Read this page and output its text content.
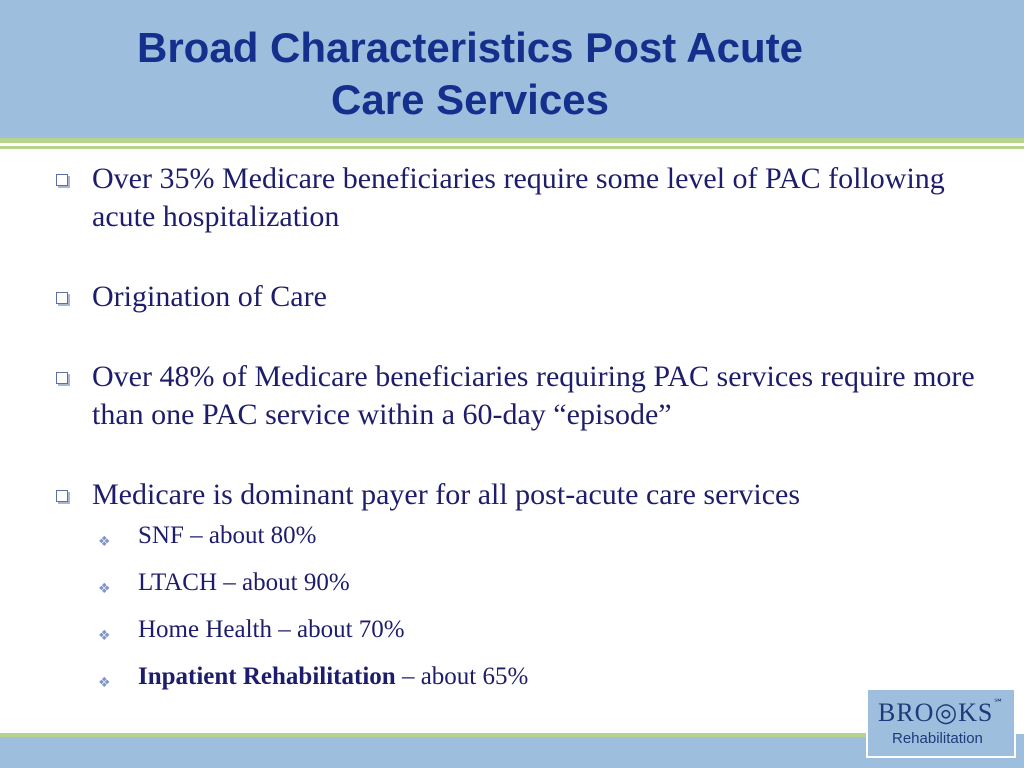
Broad Characteristics Post Acute
Care Services
Over 35% Medicare beneficiaries require some level of PAC following acute hospitalization
Origination of Care
Over 48% of Medicare beneficiaries requiring PAC services require more than one PAC service within a 60-day “episode”
Medicare is dominant payer for all post-acute care services
❖ SNF – about 80%
❖ LTACH – about 90%
❖ Home Health – about 70%
❖ Inpatient Rehabilitation – about 65%
BRO◎KS℠
Rehabilitation
